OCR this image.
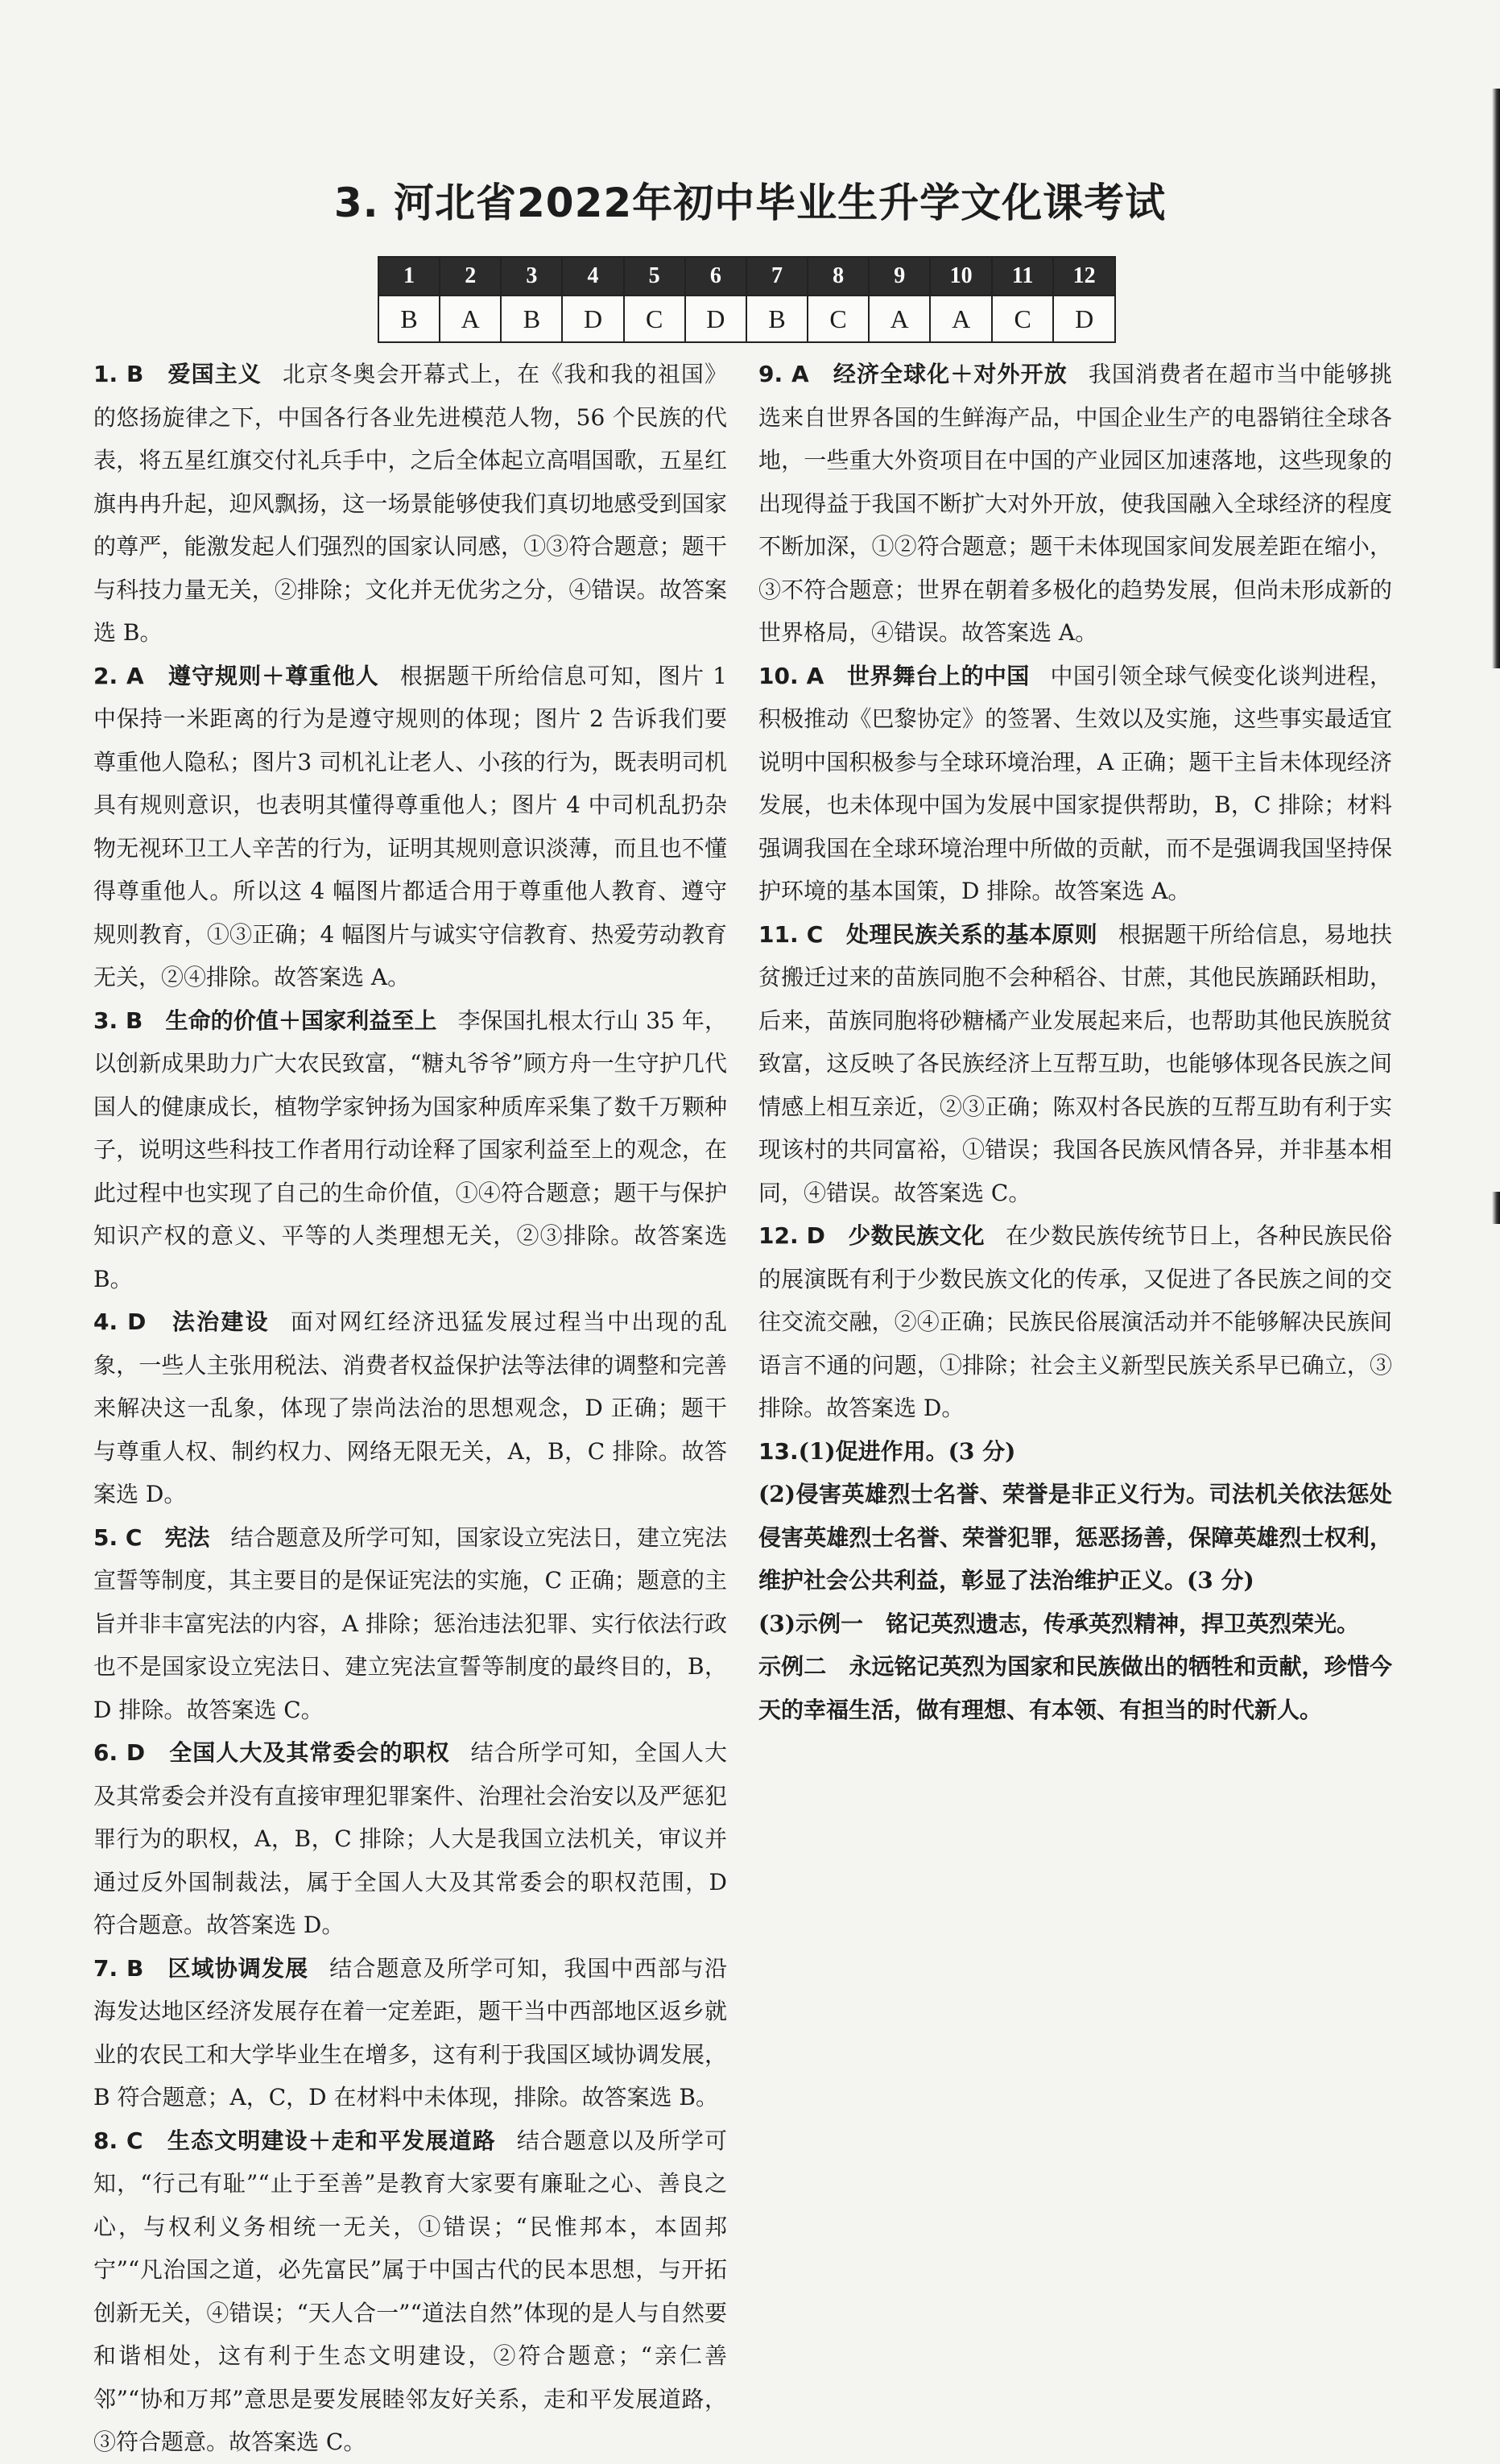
3. 河北省2022年初中毕业生升学文化课考试
1	2	3	4	5	6	7	8	9	10	11	12
B	A	B	D	C	D	B	C	A	A	C	D
1. B　爱国主义 北京冬奥会开幕式上，在《我和我的祖国》的悠扬旋律之下，中国各行各业先进模范人物，56 个民族的代表，将五星红旗交付礼兵手中，之后全体起立高唱国歌，五星红旗冉冉升起，迎风飘扬，这一场景能够使我们真切地感受到国家的尊严，能激发起人们强烈的国家认同感，①③符合题意；题干与科技力量无关，②排除；文化并无优劣之分，④错误。故答案选 B。
2. A　遵守规则＋尊重他人 根据题干所给信息可知，图片 1 中保持一米距离的行为是遵守规则的体现；图片 2 告诉我们要尊重他人隐私；图片3 司机礼让老人、小孩的行为，既表明司机具有规则意识，也表明其懂得尊重他人；图片 4 中司机乱扔杂物无视环卫工人辛苦的行为，证明其规则意识淡薄，而且也不懂得尊重他人。所以这 4 幅图片都适合用于尊重他人教育、遵守规则教育，①③正确；4 幅图片与诚实守信教育、热爱劳动教育无关，②④排除。故答案选 A。
3. B　生命的价值＋国家利益至上 李保国扎根太行山 35 年，以创新成果助力广大农民致富，“糖丸爷爷”顾方舟一生守护几代国人的健康成长，植物学家钟扬为国家种质库采集了数千万颗种子，说明这些科技工作者用行动诠释了国家利益至上的观念，在此过程中也实现了自己的生命价值，①④符合题意；题干与保护知识产权的意义、平等的人类理想无关，②③排除。故答案选 B。
4. D　法治建设 面对网红经济迅猛发展过程当中出现的乱象，一些人主张用税法、消费者权益保护法等法律的调整和完善来解决这一乱象，体现了崇尚法治的思想观念，D 正确；题干与尊重人权、制约权力、网络无限无关，A，B，C 排除。故答案选 D。
5. C　宪法 结合题意及所学可知，国家设立宪法日，建立宪法宣誓等制度，其主要目的是保证宪法的实施，C 正确；题意的主旨并非丰富宪法的内容，A 排除；惩治违法犯罪、实行依法行政也不是国家设立宪法日、建立宪法宣誓等制度的最终目的，B，D 排除。故答案选 C。
6. D　全国人大及其常委会的职权 结合所学可知，全国人大及其常委会并没有直接审理犯罪案件、治理社会治安以及严惩犯罪行为的职权，A，B，C 排除；人大是我国立法机关，审议并通过反外国制裁法，属于全国人大及其常委会的职权范围，D 符合题意。故答案选 D。
7. B　区域协调发展 结合题意及所学可知，我国中西部与沿海发达地区经济发展存在着一定差距，题干当中西部地区返乡就业的农民工和大学毕业生在增多，这有利于我国区域协调发展，B 符合题意；A，C，D 在材料中未体现，排除。故答案选 B。
8. C　生态文明建设＋走和平发展道路 结合题意以及所学可知，“行己有耻”“止于至善”是教育大家要有廉耻之心、善良之心，与权利义务相统一无关，①错误；“民惟邦本，本固邦宁”“凡治国之道，必先富民”属于中国古代的民本思想，与开拓创新无关，④错误；“天人合一”“道法自然”体现的是人与自然要和谐相处，这有利于生态文明建设，②符合题意；“亲仁善邻”“协和万邦”意思是要发展睦邻友好关系，走和平发展道路，③符合题意。故答案选 C。
9. A　经济全球化＋对外开放 我国消费者在超市当中能够挑选来自世界各国的生鲜海产品，中国企业生产的电器销往全球各地，一些重大外资项目在中国的产业园区加速落地，这些现象的出现得益于我国不断扩大对外开放，使我国融入全球经济的程度不断加深，①②符合题意；题干未体现国家间发展差距在缩小，③不符合题意；世界在朝着多极化的趋势发展，但尚未形成新的世界格局，④错误。故答案选 A。
10. A　世界舞台上的中国 中国引领全球气候变化谈判进程，积极推动《巴黎协定》的签署、生效以及实施，这些事实最适宜说明中国积极参与全球环境治理，A 正确；题干主旨未体现经济发展，也未体现中国为发展中国家提供帮助，B，C 排除；材料强调我国在全球环境治理中所做的贡献，而不是强调我国坚持保护环境的基本国策，D 排除。故答案选 A。
11. C　处理民族关系的基本原则 根据题干所给信息，易地扶贫搬迁过来的苗族同胞不会种稻谷、甘蔗，其他民族踊跃相助，后来，苗族同胞将砂糖橘产业发展起来后，也帮助其他民族脱贫致富，这反映了各民族经济上互帮互助，也能够体现各民族之间情感上相互亲近，②③正确；陈双村各民族的互帮互助有利于实现该村的共同富裕，①错误；我国各民族风情各异，并非基本相同，④错误。故答案选 C。
12. D　少数民族文化 在少数民族传统节日上，各种民族民俗的展演既有利于少数民族文化的传承，又促进了各民族之间的交往交流交融，②④正确；民族民俗展演活动并不能够解决民族间语言不通的问题，①排除；社会主义新型民族关系早已确立，③排除。故答案选 D。
13.(1)促进作用。(3 分)
(2)侵害英雄烈士名誉、荣誉是非正义行为。司法机关依法惩处侵害英雄烈士名誉、荣誉犯罪，惩恶扬善，保障英雄烈士权利，维护社会公共利益，彰显了法治维护正义。(3 分)
(3)示例一　铭记英烈遗志，传承英烈精神，捍卫英烈荣光。
示例二　永远铭记英烈为国家和民族做出的牺牲和贡献，珍惜今天的幸福生活，做有理想、有本领、有担当的时代新人。
